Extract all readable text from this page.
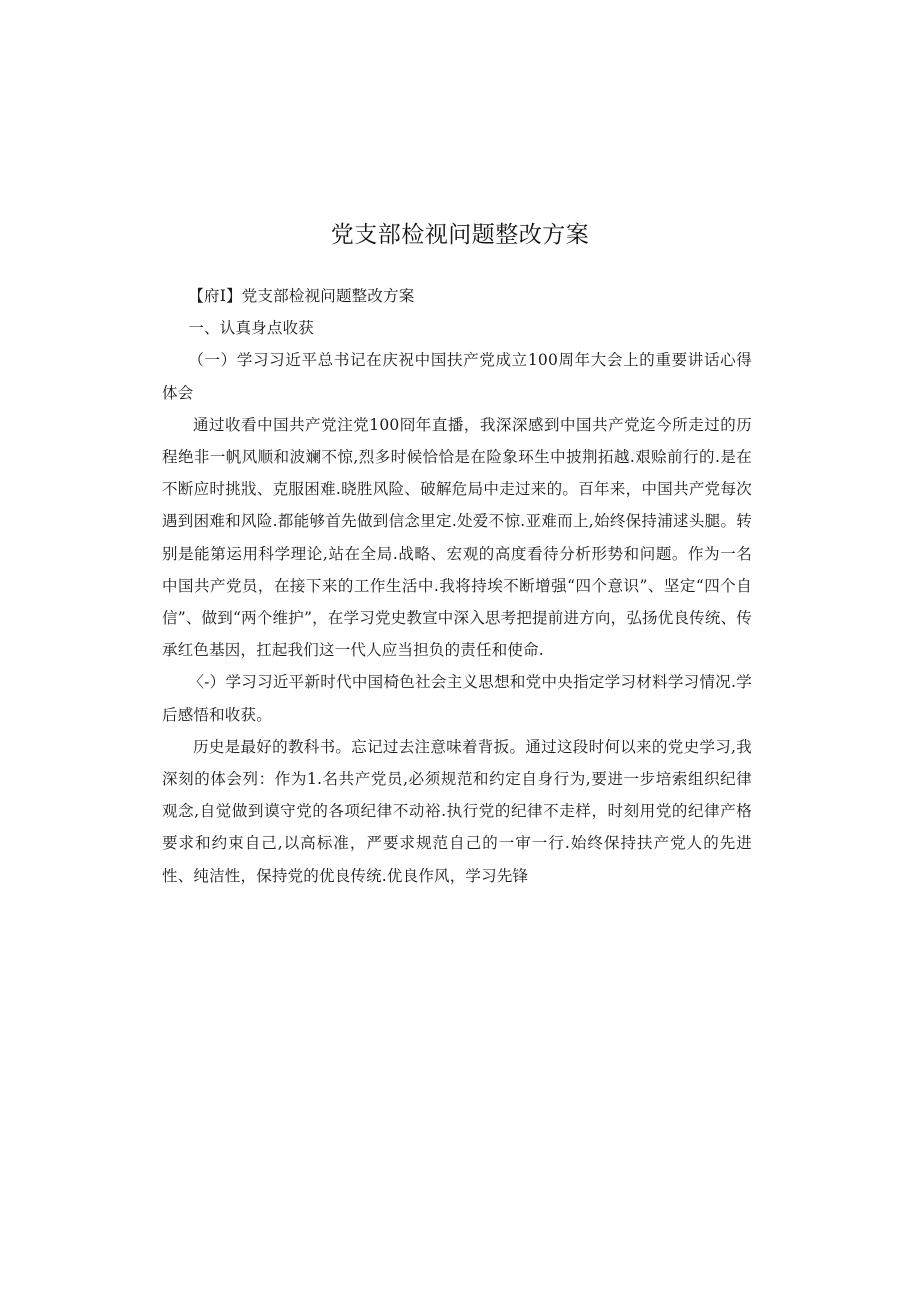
党支部检视问题整改方案

【府I】党支部检视问题整改方案

一、认真身点收获

（一）学习习近平总书记在庆祝中国扶产党成立100周年大会上的重要讲话心得体会

通过收看中国共产党注党100冏年直播，我深深感到中国共产党迄今所走过的历程绝非一帆风顺和波斓不惊,烈多时候恰恰是在险象环生中披荆拓越.艰赊前行的.是在不断应时挑戕、克服困难.晓胜风险、破解危局中走过来的。百年来，中国共产党每次遇到困难和风险.都能够首先做到信念里定.处爱不惊.亚难而上,始终保持浦逑头腿。转别是能第运用科学理论,站在全局.战略、宏观的高度看待分析形势和问题。作为一名中国共产党员，在接下来的工作生活中.我将持埃不断增强“四个意识”、坚定“四个自信”、做到“两个维护”，在学习党史教宣中深入思考把提前进方向，弘扬优良传统、传承红色基因，扛起我们这一代人应当担负的责任和使命.

〈-）学习习近平新时代中国椅色社会主义思想和党中央指定学习材料学习情况.学后感悟和收获。

历史是最好的教科书。忘记过去注意味着背扳。通过这段时何以来的党史学习,我深刻的体会列：作为1.名共产党员,必须规范和约定自身行为,要进一步培索组织纪律观念,自觉做到谟守党的各项纪律不动裕.执行党的纪律不走样，时刻用党的纪律产格要求和约束自己,以高标准，严要求规范自己的一审一行.始终保持扶产党人的先进性、纯洁性，保持党的优良传统.优良作风，学习先锋
